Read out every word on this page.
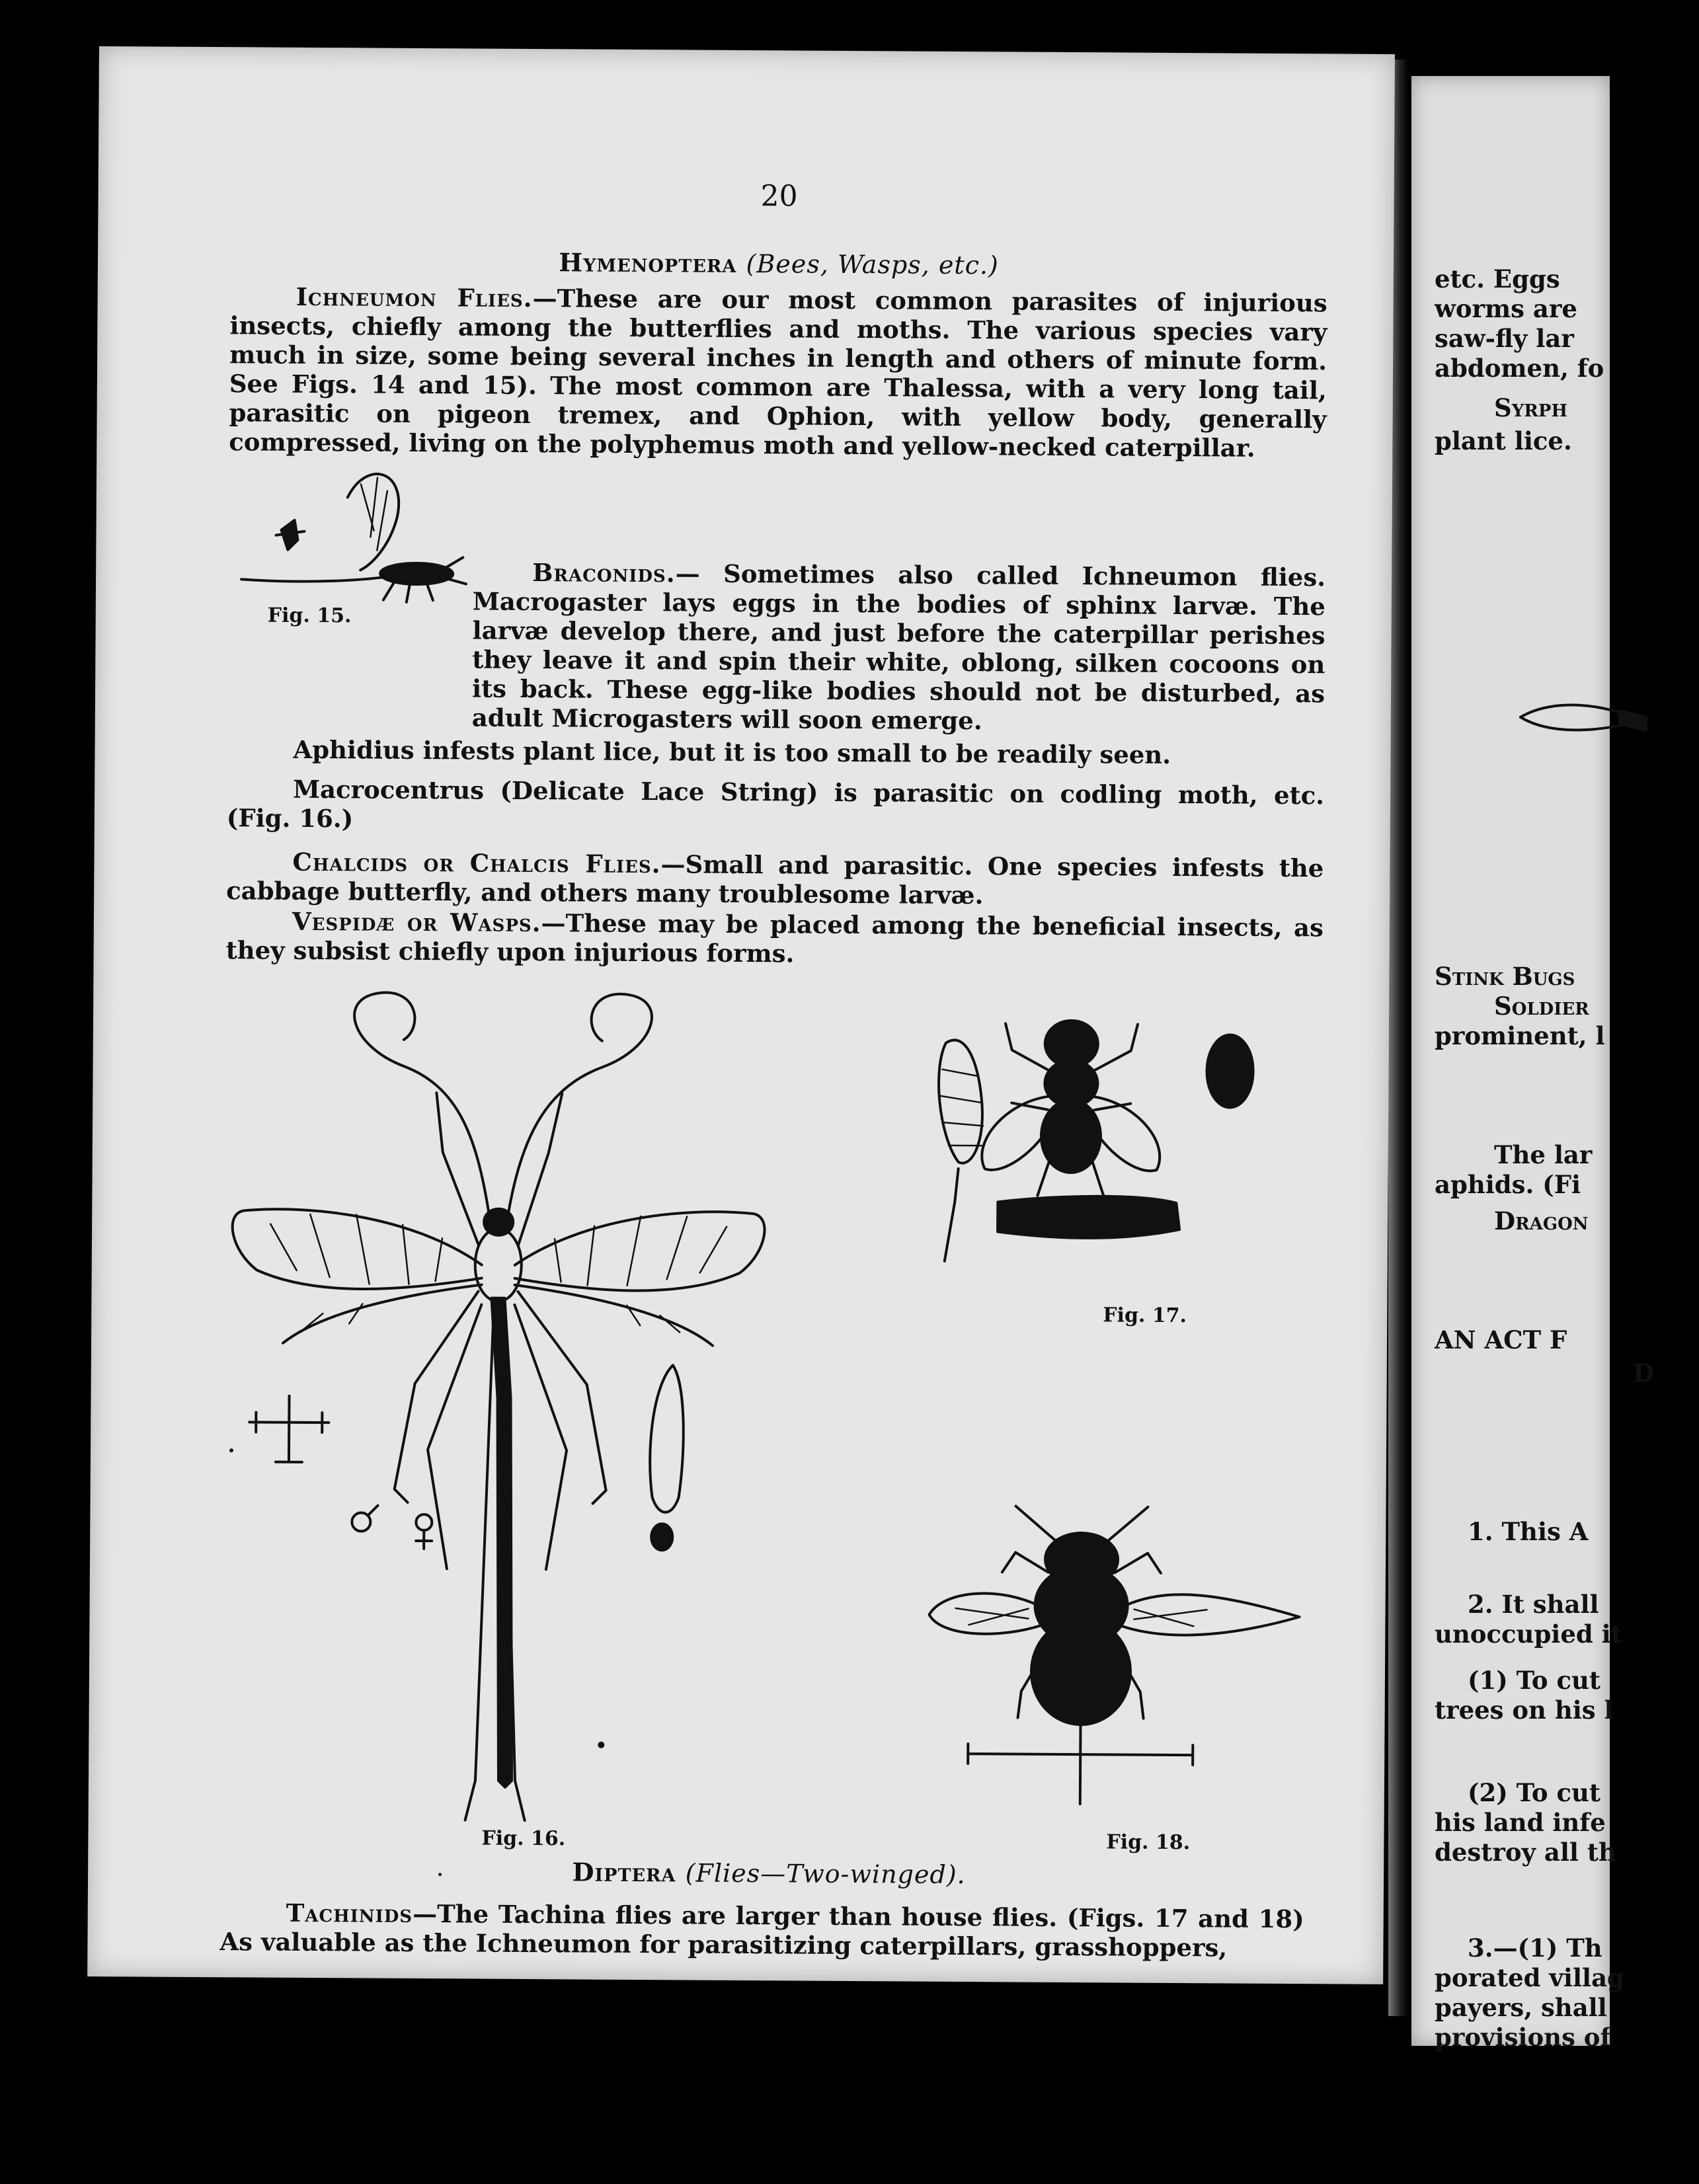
etc. Eggs
worms are
saw-fly lar
abdomen, fo
Syrph
plant lice.
Stink Bugs
Soldier
prominent, l
The lar
aphids. (Fi
Dragon
AN ACT F
D
1. This A
2. It shall
unoccupied it
(1) To cut
trees on his l
(2) To cut
his land infe
destroy all th
3.—(1) Th
porated villag
payers, shall
provisions of
20
Hymenoptera (Bees, Wasps, etc.)
Ichneumon Flies.—These are our most common parasites of injurious insects, chiefly among the butterflies and moths. The various species vary much in size, some being several inches in length and others of minute form. See Figs. 14 and 15). The most common are Thalessa, with a very long tail, parasitic on pigeon tremex, and Ophion, with yellow body, generally compressed, living on the polyphemus moth and yellow-necked caterpillar.
Fig. 15.
Braconids.— Sometimes also called Ichneumon flies. Macrogaster lays eggs in the bodies of sphinx larvæ. The larvæ develop there, and just before the caterpillar perishes they leave it and spin their white, oblong, silken cocoons on its back. These egg-like bodies should not be disturbed, as adult Microgasters will soon emerge.
Aphidius infests plant lice, but it is too small to be readily seen.
Macrocentrus (Delicate Lace String) is parasitic on codling moth, etc. (Fig. 16.)
Chalcids or Chalcis Flies.—Small and parasitic. One species infests the cabbage butterfly, and others many troublesome larvæ.
Vespidæ or Wasps.—These may be placed among the beneficial insects, as they subsist chiefly upon injurious forms.
Fig. 16.
Fig. 17.
Fig. 18.
Diptera (Flies—Two-winged).
Tachinids—The Tachina flies are larger than house flies. (Figs. 17 and 18) As valuable as the Ichneumon for parasitizing caterpillars, grasshoppers,
